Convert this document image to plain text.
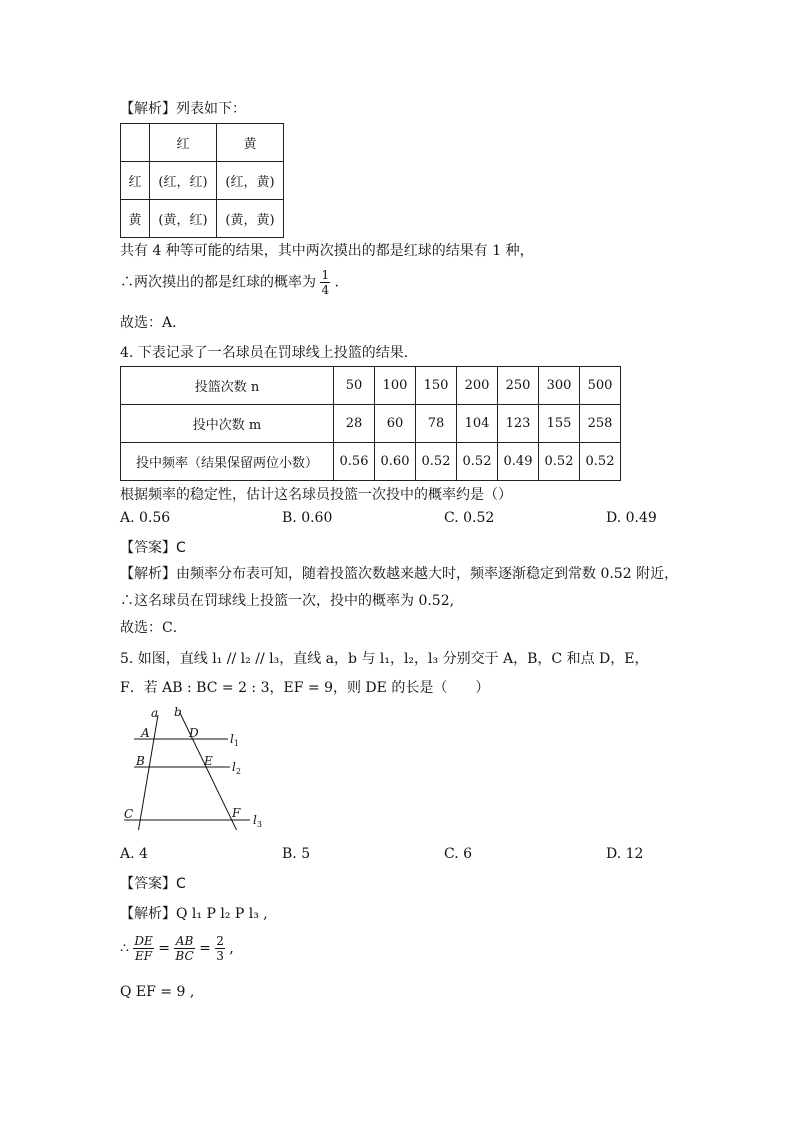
【解析】列表如下：
	红	黄
红	(红，红)	(红，黄)
黄	(黄，红)	(黄，黄)
共有 4 种等可能的结果，其中两次摸出的都是红球的结果有 1 种，
∴两次摸出的都是红球的概率为 $\frac{1}{4}$ .
故选：A．
4. 下表记录了一名球员在罚球线上投篮的结果．
投篮次数 n	50	100	150	200	250	300	500
投中次数 m	28	60	78	104	123	155	258
投中频率（结果保留两位小数）	0.56	0.60	0.52	0.52	0.49	0.52	0.52
根据频率的稳定性，估计这名球员投篮一次投中的概率约是（）
A. 0.56	B. 0.60	C. 0.52	D. 0.49
【答案】C
【解析】由频率分布表可知，随着投篮次数越来越大时，频率逐渐稳定到常数 0.52 附近，
∴这名球员在罚球线上投篮一次，投中的概率为 0.52,
故选：C．
5. 如图，直线 l₁ // l₂ // l₃，直线 a，b 与 l₁，l₂，l₃ 分别交于 A，B，C 和点 D，E，
F．若 AB : BC = 2 : 3，EF = 9，则 DE 的长是（　　）
a b
A	D
B	E
C	F
$l_1$
$l_2$
$l_3$
A. 4	B. 5	C. 6	D. 12
【答案】C
【解析】Q l₁ P l₂ P l₃ ,
∴ $\frac{DE}{EF} = \frac{AB}{BC} = \frac{2}{3}$ ,
Q EF = 9 ,
